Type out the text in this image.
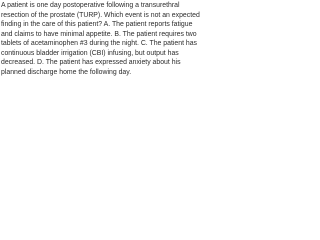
A patient is one day postoperative following a transurethral
resection of the prostate (TURP). Which event is not an expected
finding in the care of this patient? A. The patient reports fatigue
and claims to have minimal appetite. B. The patient requires two
tablets of acetaminophen #3 during the night. C. The patient has
continuous bladder irrigation (CBI) infusing, but output has
decreased. D. The patient has expressed anxiety about his
planned discharge home the following day.
